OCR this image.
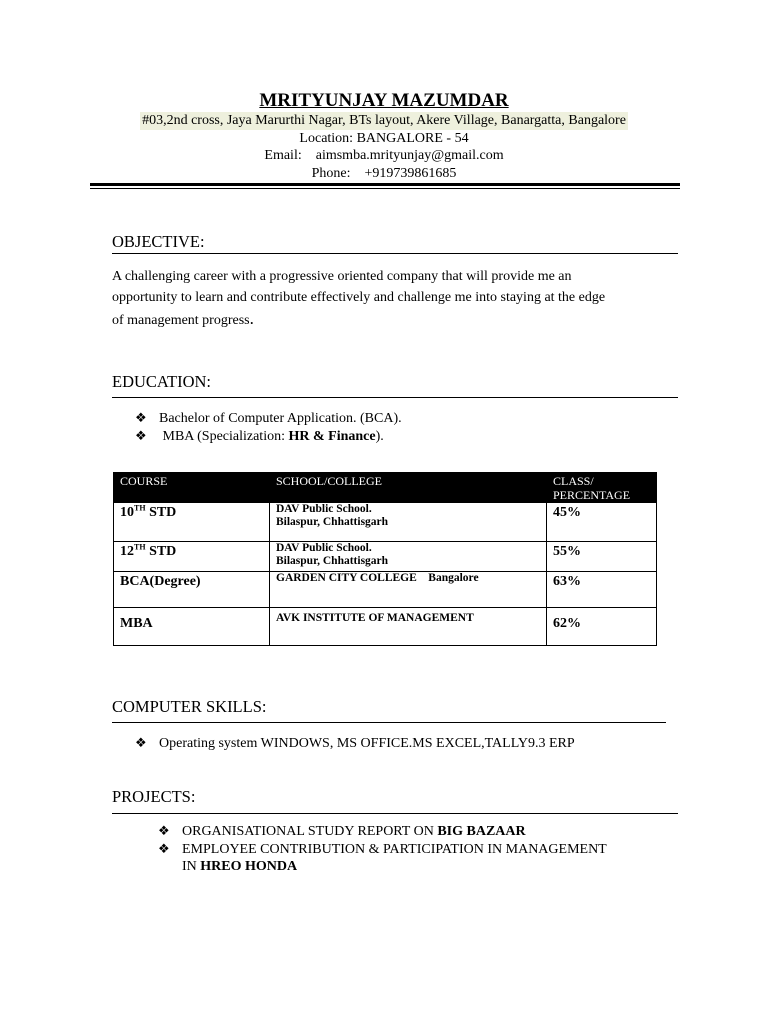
MRITYUNJAY MAZUMDAR
#03,2nd cross, Jaya Marurthi Nagar, BTs layout, Akere Village, Banargatta, Bangalore
Location: BANGALORE - 54
Email: aimsmba.mrityunjay@gmail.com
Phone: +919739861685
OBJECTIVE:
A challenging career with a progressive oriented company that will provide me an
opportunity to learn and contribute effectively and challenge me into staying at the edge
of management progress.
EDUCATION:
❖ Bachelor of Computer Application. (BCA).
❖ MBA (Specialization: HR & Finance).
COURSE	SCHOOL/COLLEGE	CLASS/
PERCENTAGE

10TH STD	DAV Public School.
Bilaspur, Chhattisgarh	45%
12TH STD	DAV Public School.
Bilaspur, Chhattisgarh	55%
BCA(Degree)	GARDEN CITY COLLEGE    Bangalore	63%
MBA	AVK INSTITUTE OF MANAGEMENT	62%
COMPUTER SKILLS:
❖ Operating system WINDOWS, MS OFFICE.MS EXCEL,TALLY9.3 ERP
PROJECTS:
❖ ORGANISATIONAL STUDY REPORT ON BIG BAZAAR
❖ EMPLOYEE CONTRIBUTION & PARTICIPATION IN MANAGEMENT
IN HREO HONDA
